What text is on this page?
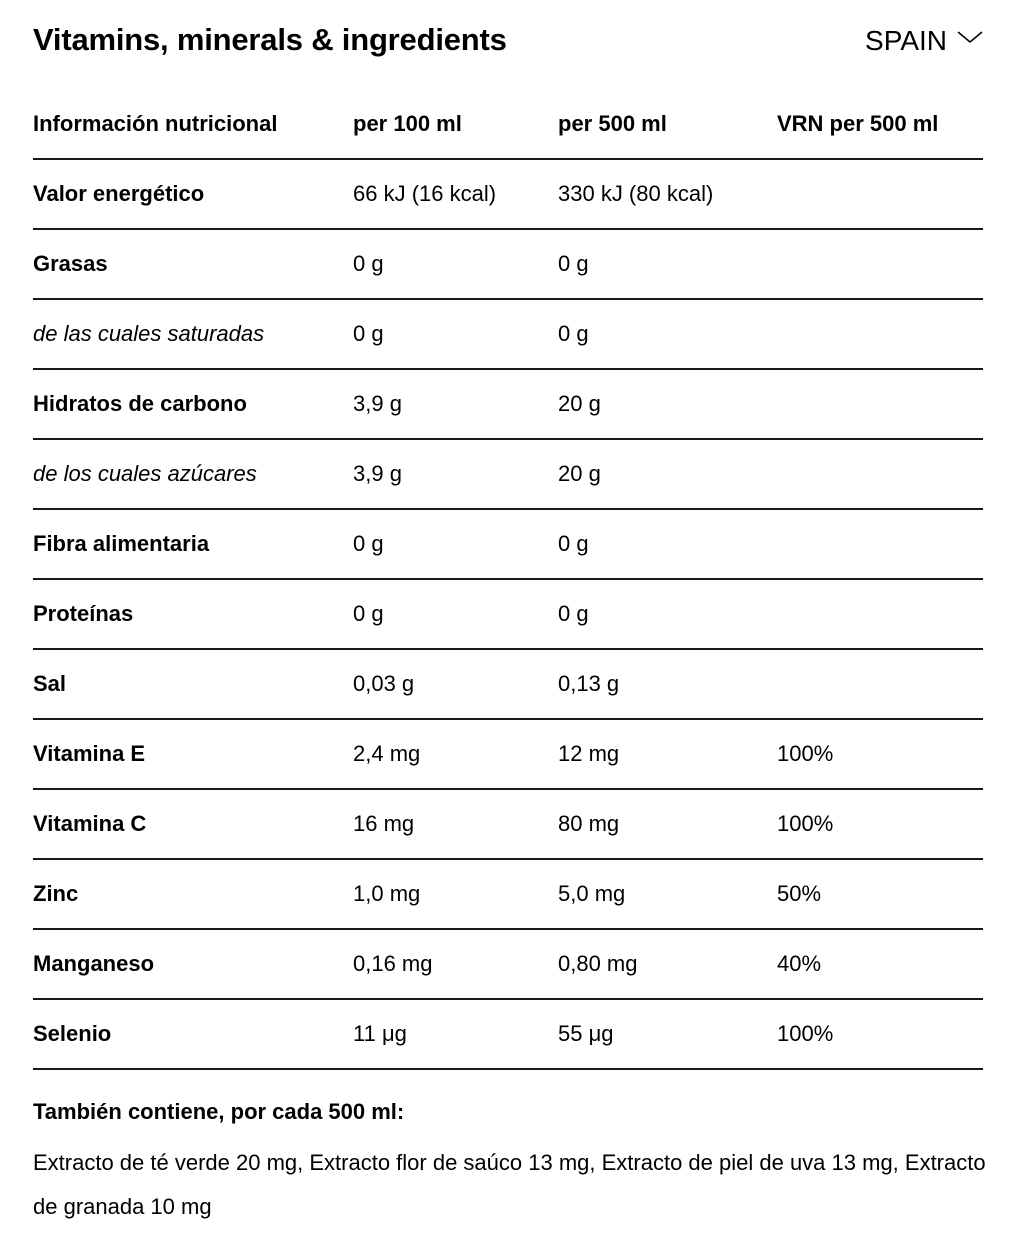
Vitamins, minerals & ingredients	SPAIN
Información nutricional	per 100 ml	per 500 ml	VRN per 500 ml
Valor energético	66 kJ (16 kcal)	330 kJ (80 kcal)	
Grasas	0 g	0 g	
de las cuales saturadas	0 g	0 g	
Hidratos de carbono	3,9 g	20 g	
de los cuales azúcares	3,9 g	20 g	
Fibra alimentaria	0 g	0 g	
Proteínas	0 g	0 g	
Sal	0,03 g	0,13 g	
Vitamina E	2,4 mg	12 mg	100%
Vitamina C	16 mg	80 mg	100%
Zinc	1,0 mg	5,0 mg	50%
Manganeso	0,16 mg	0,80 mg	40%
Selenio	11 μg	55 μg	100%
También contiene, por cada 500 ml:
Extracto de té verde 20 mg, Extracto flor de saúco 13 mg, Extracto de piel de uva 13 mg, Extracto de granada 10 mg
